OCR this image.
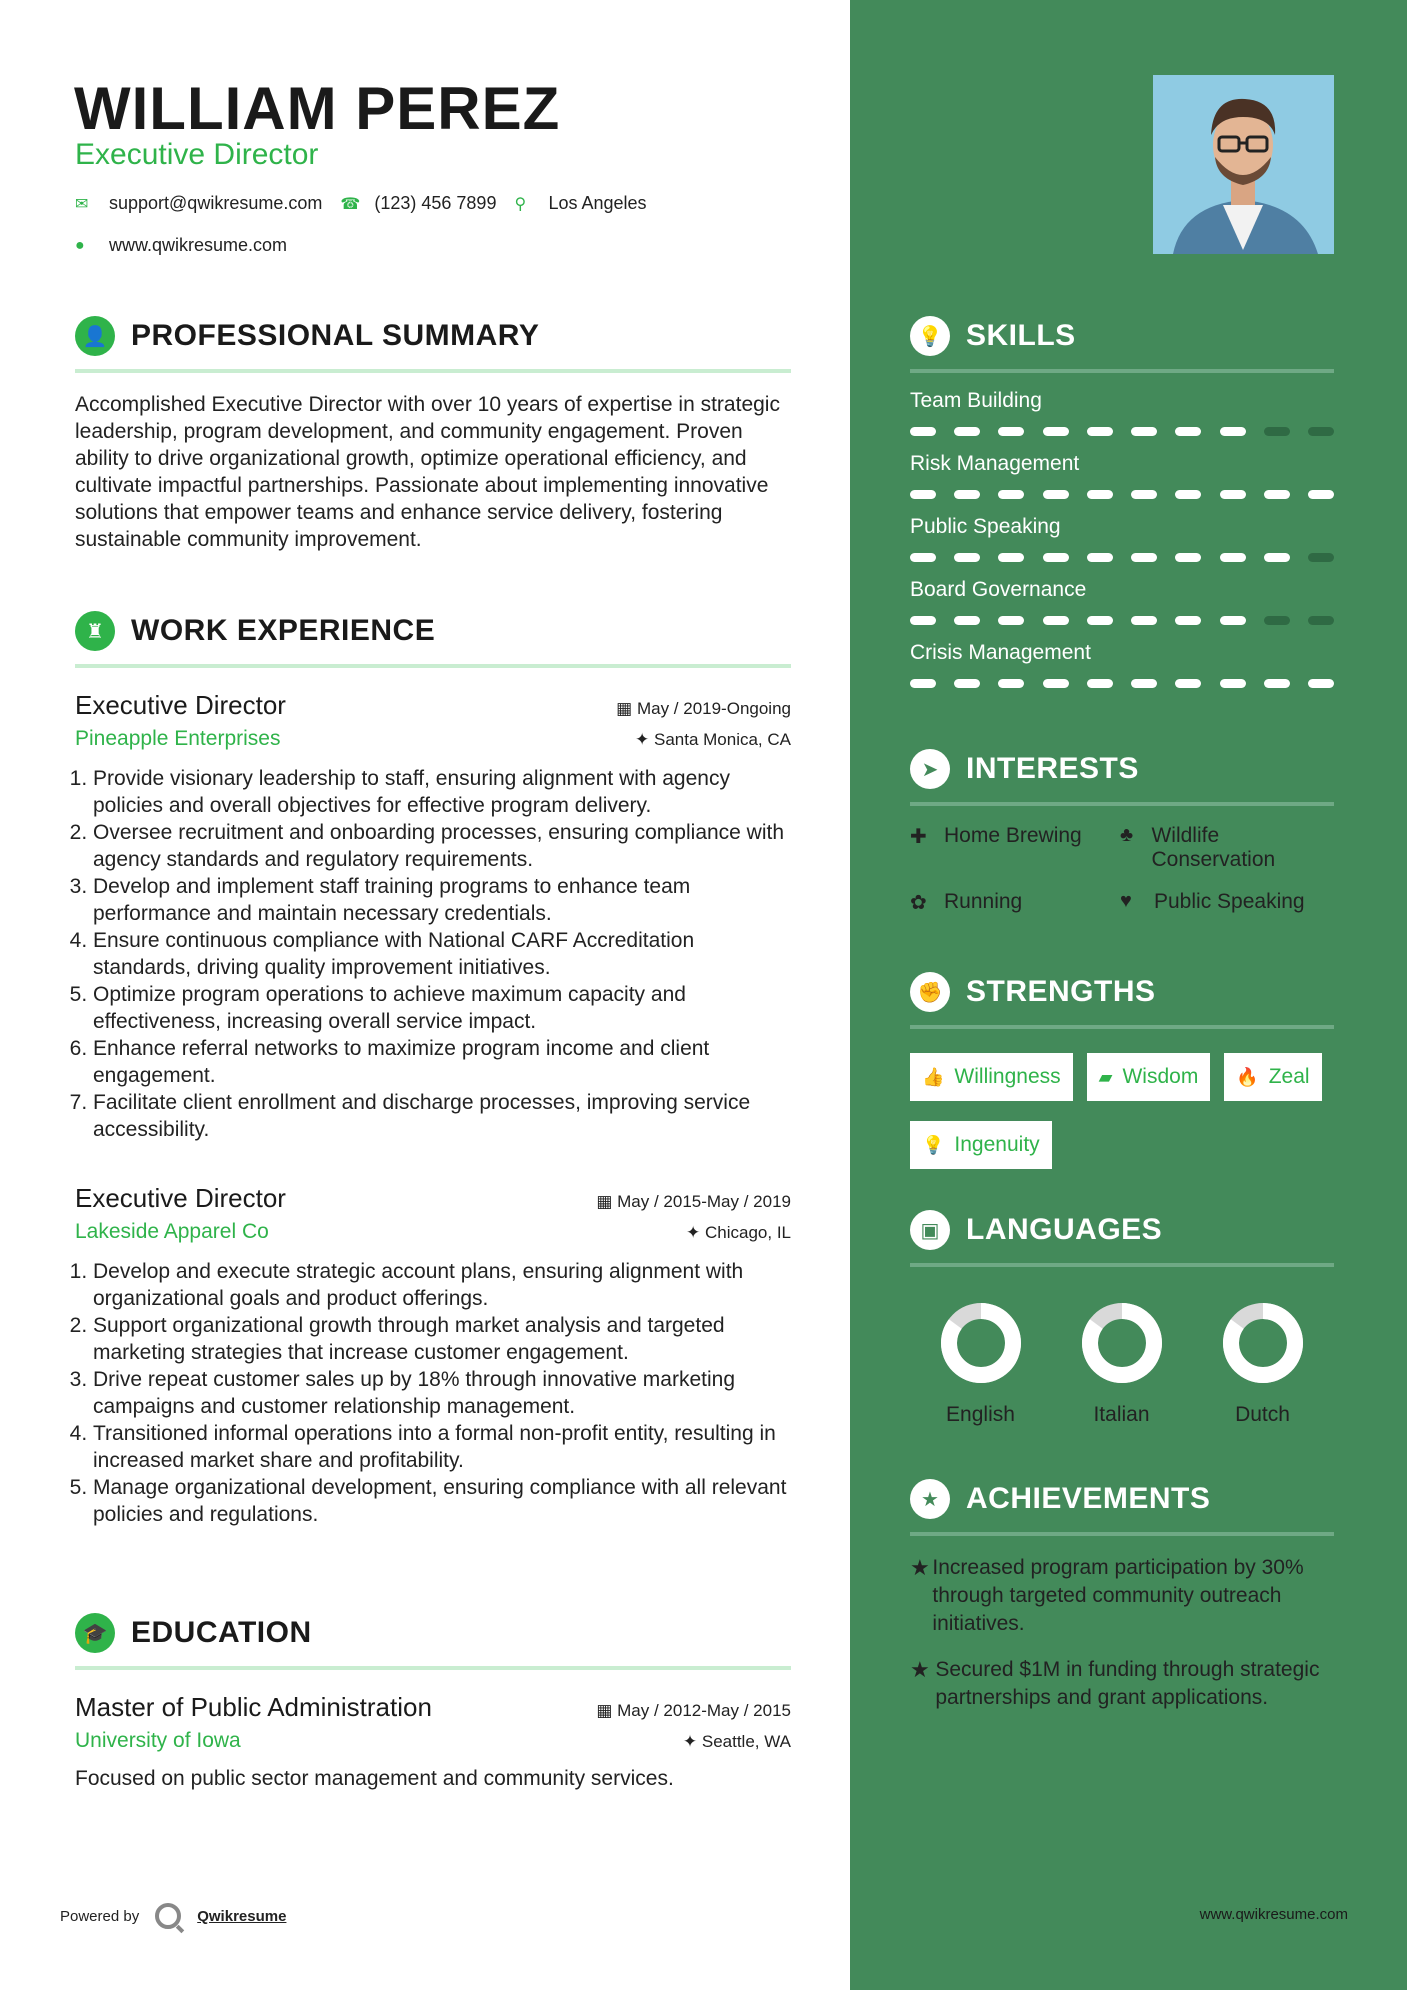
WILLIAM PEREZ
Executive Director
✉	support@qwikresume.com ☎ (123) 456 7899 ⚲	Los Angeles
●	www.qwikresume.com
👤 PROFESSIONAL SUMMARY
Accomplished Executive Director with over 10 years of expertise in strategic leadership, program development, and community engagement. Proven ability to drive organizational growth, optimize operational efficiency, and cultivate impactful partnerships. Passionate about implementing innovative solutions that empower teams and enhance service delivery, fostering sustainable community improvement.
♜ WORK EXPERIENCE
Executive Director	▦ May / 2019-Ongoing
Pineapple Enterprises	✦ Santa Monica, CA
1. Provide visionary leadership to staff, ensuring alignment with agency policies and overall objectives for effective program delivery.
2. Oversee recruitment and onboarding processes, ensuring compliance with agency standards and regulatory requirements.
3. Develop and implement staff training programs to enhance team performance and maintain necessary credentials.
4. Ensure continuous compliance with National CARF Accreditation standards, driving quality improvement initiatives.
5. Optimize program operations to achieve maximum capacity and effectiveness, increasing overall service impact.
6. Enhance referral networks to maximize program income and client engagement.
7. Facilitate client enrollment and discharge processes, improving service accessibility.
Executive Director	▦ May / 2015-May / 2019
Lakeside Apparel Co	✦ Chicago, IL
1. Develop and execute strategic account plans, ensuring alignment with organizational goals and product offerings.
2. Support organizational growth through market analysis and targeted marketing strategies that increase customer engagement.
3. Drive repeat customer sales up by 18% through innovative marketing campaigns and customer relationship management.
4. Transitioned informal operations into a formal non-profit entity, resulting in increased market share and profitability.
5. Manage organizational development, ensuring compliance with all relevant policies and regulations.
🎓 EDUCATION
Master of Public Administration	▦ May / 2012-May / 2015
University of Iowa	✦ Seattle, WA
Focused on public sector management and community services.
Powered by	Qwikresume
💡 SKILLS
Team Building
Risk Management
Public Speaking
Board Governance
Crisis Management
➤ INTERESTS
✚ Home Brewing ♣ Wildlife Conservation
✿ Running	♥	Public Speaking
✊ STRENGTHS
👍 Willingness ▰ Wisdom 🔥 Zeal
💡 Ingenuity
▣ LANGUAGES
English	Italian	Dutch
★ ACHIEVEMENTS
★ Increased program participation by 30% through targeted community outreach initiatives.
★ Secured $1M in funding through strategic partnerships and grant applications.
www.qwikresume.com
